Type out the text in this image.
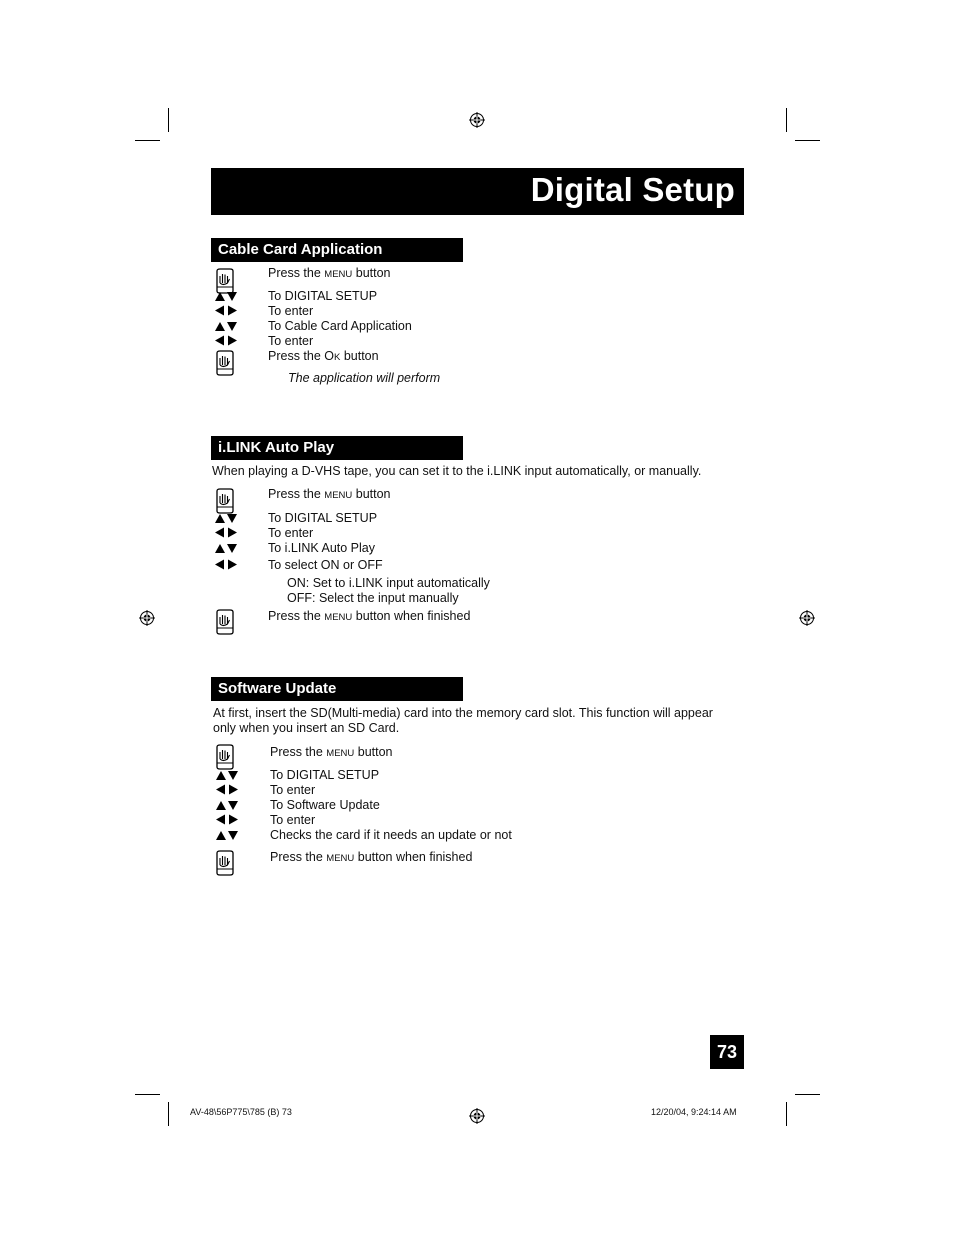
Digital Setup
Cable Card Application
Press the MENU button
To DIGITAL SETUP
To enter
To Cable Card Application
To enter
Press the OK button
The application will perform
i.LINK Auto Play
When playing a D-VHS tape, you can set it to the i.LINK input automatically, or manually.
Press the MENU button
To DIGITAL SETUP
To enter
To i.LINK Auto Play
To select ON or OFF
ON: Set to i.LINK input automatically
OFF: Select the input manually
Press the MENU button when finished
Software Update
At first, insert the SD(Multi-media) card into the memory card slot. This function will appear
only when you insert an SD Card.
Press the MENU button
To DIGITAL SETUP
To enter
To Software Update
To enter
Checks the card if it needs an update or not
Press the MENU button when finished
73
AV-48\56P775\785 (B) 73	12/20/04, 9:24:14 AM
